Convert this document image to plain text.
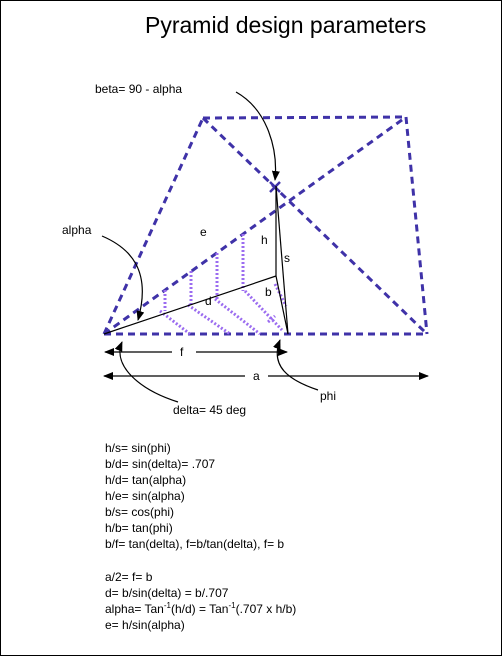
Pyramid design parameters
beta= 90 - alpha
alpha	e
h
s
d
b
f
a
phi
delta= 45 deg
h/s= sin(phi)
b/d= sin(delta)= .707
h/d= tan(alpha)
h/e= sin(alpha)
b/s= cos(phi)
h/b= tan(phi)
b/f= tan(delta), f=b/tan(delta), f= b
a/2= f= b
d= b/sin(delta) = b/.707
alpha= Tan$^{-1}$(h/d) = Tan$^{-1}$(.707 x h/b)
e= h/sin(alpha)
